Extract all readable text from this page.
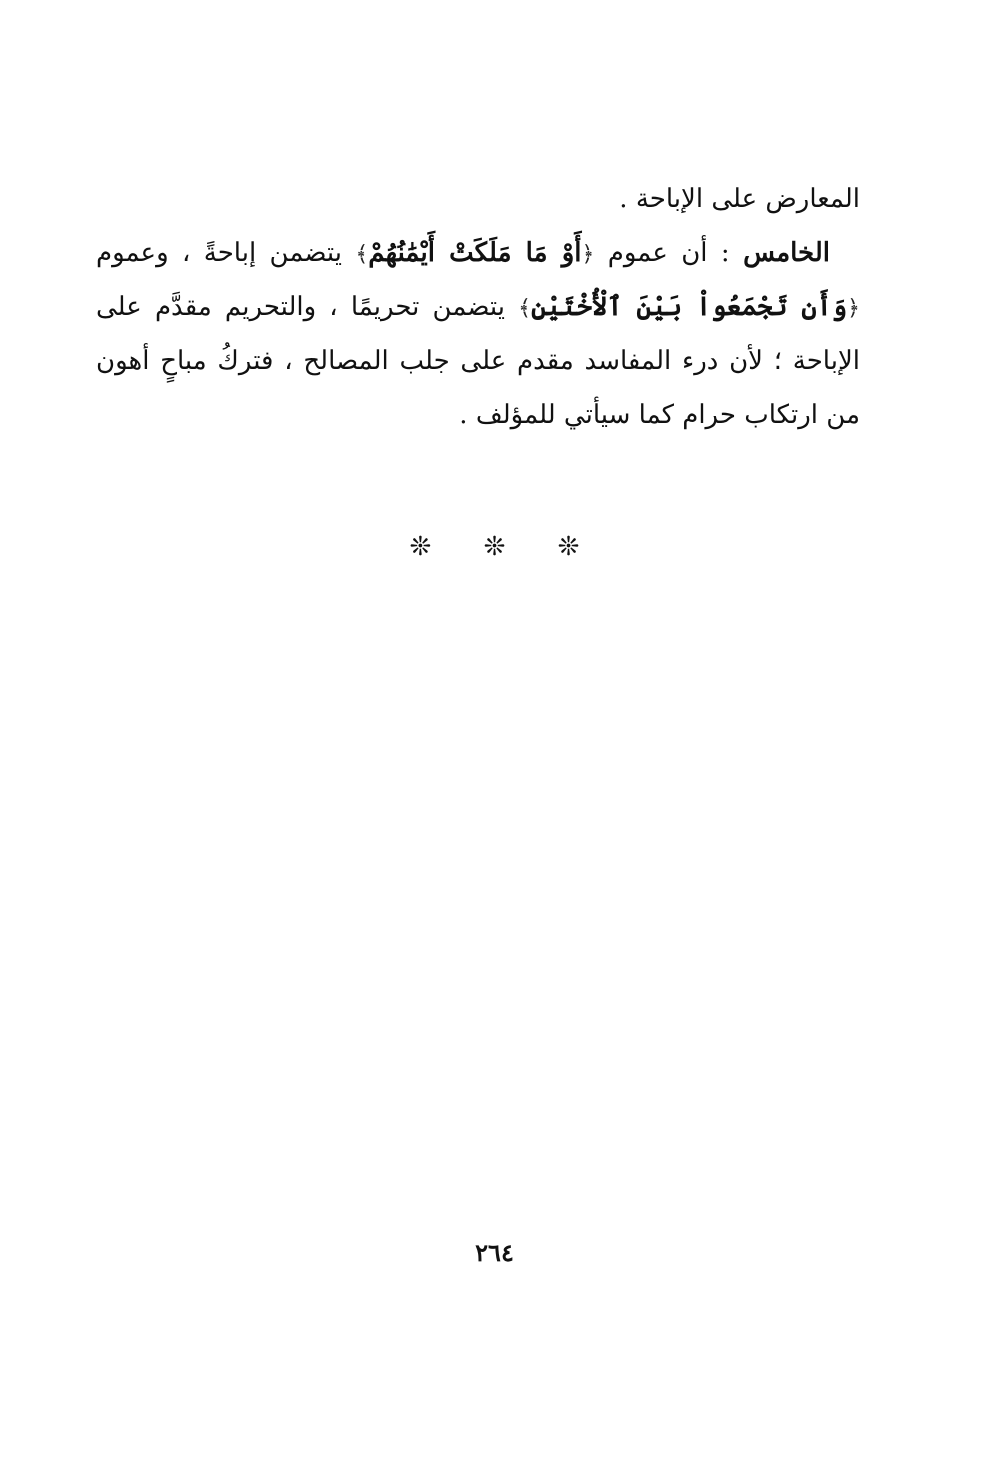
المعارض على الإباحة .
الخامس : أن عموم ﴿أَوْ مَا مَلَكَتْ أَيْمَٰنُهُمْ﴾ يتضمن إباحةً ، وعموم
﴿وَأَن تَجْمَعُواْ بَيْنَ ٱلْأُخْتَيْنِ﴾ يتضمن تحريمًا ، والتحريم مقدَّم على
الإباحة ؛ لأن درء المفاسد مقدم على جلب المصالح ، فتركُ مباحٍ أهون
من ارتكاب حرام كما سيأتي للمؤلف .
❊ ❊ ❊
٢٦٤
